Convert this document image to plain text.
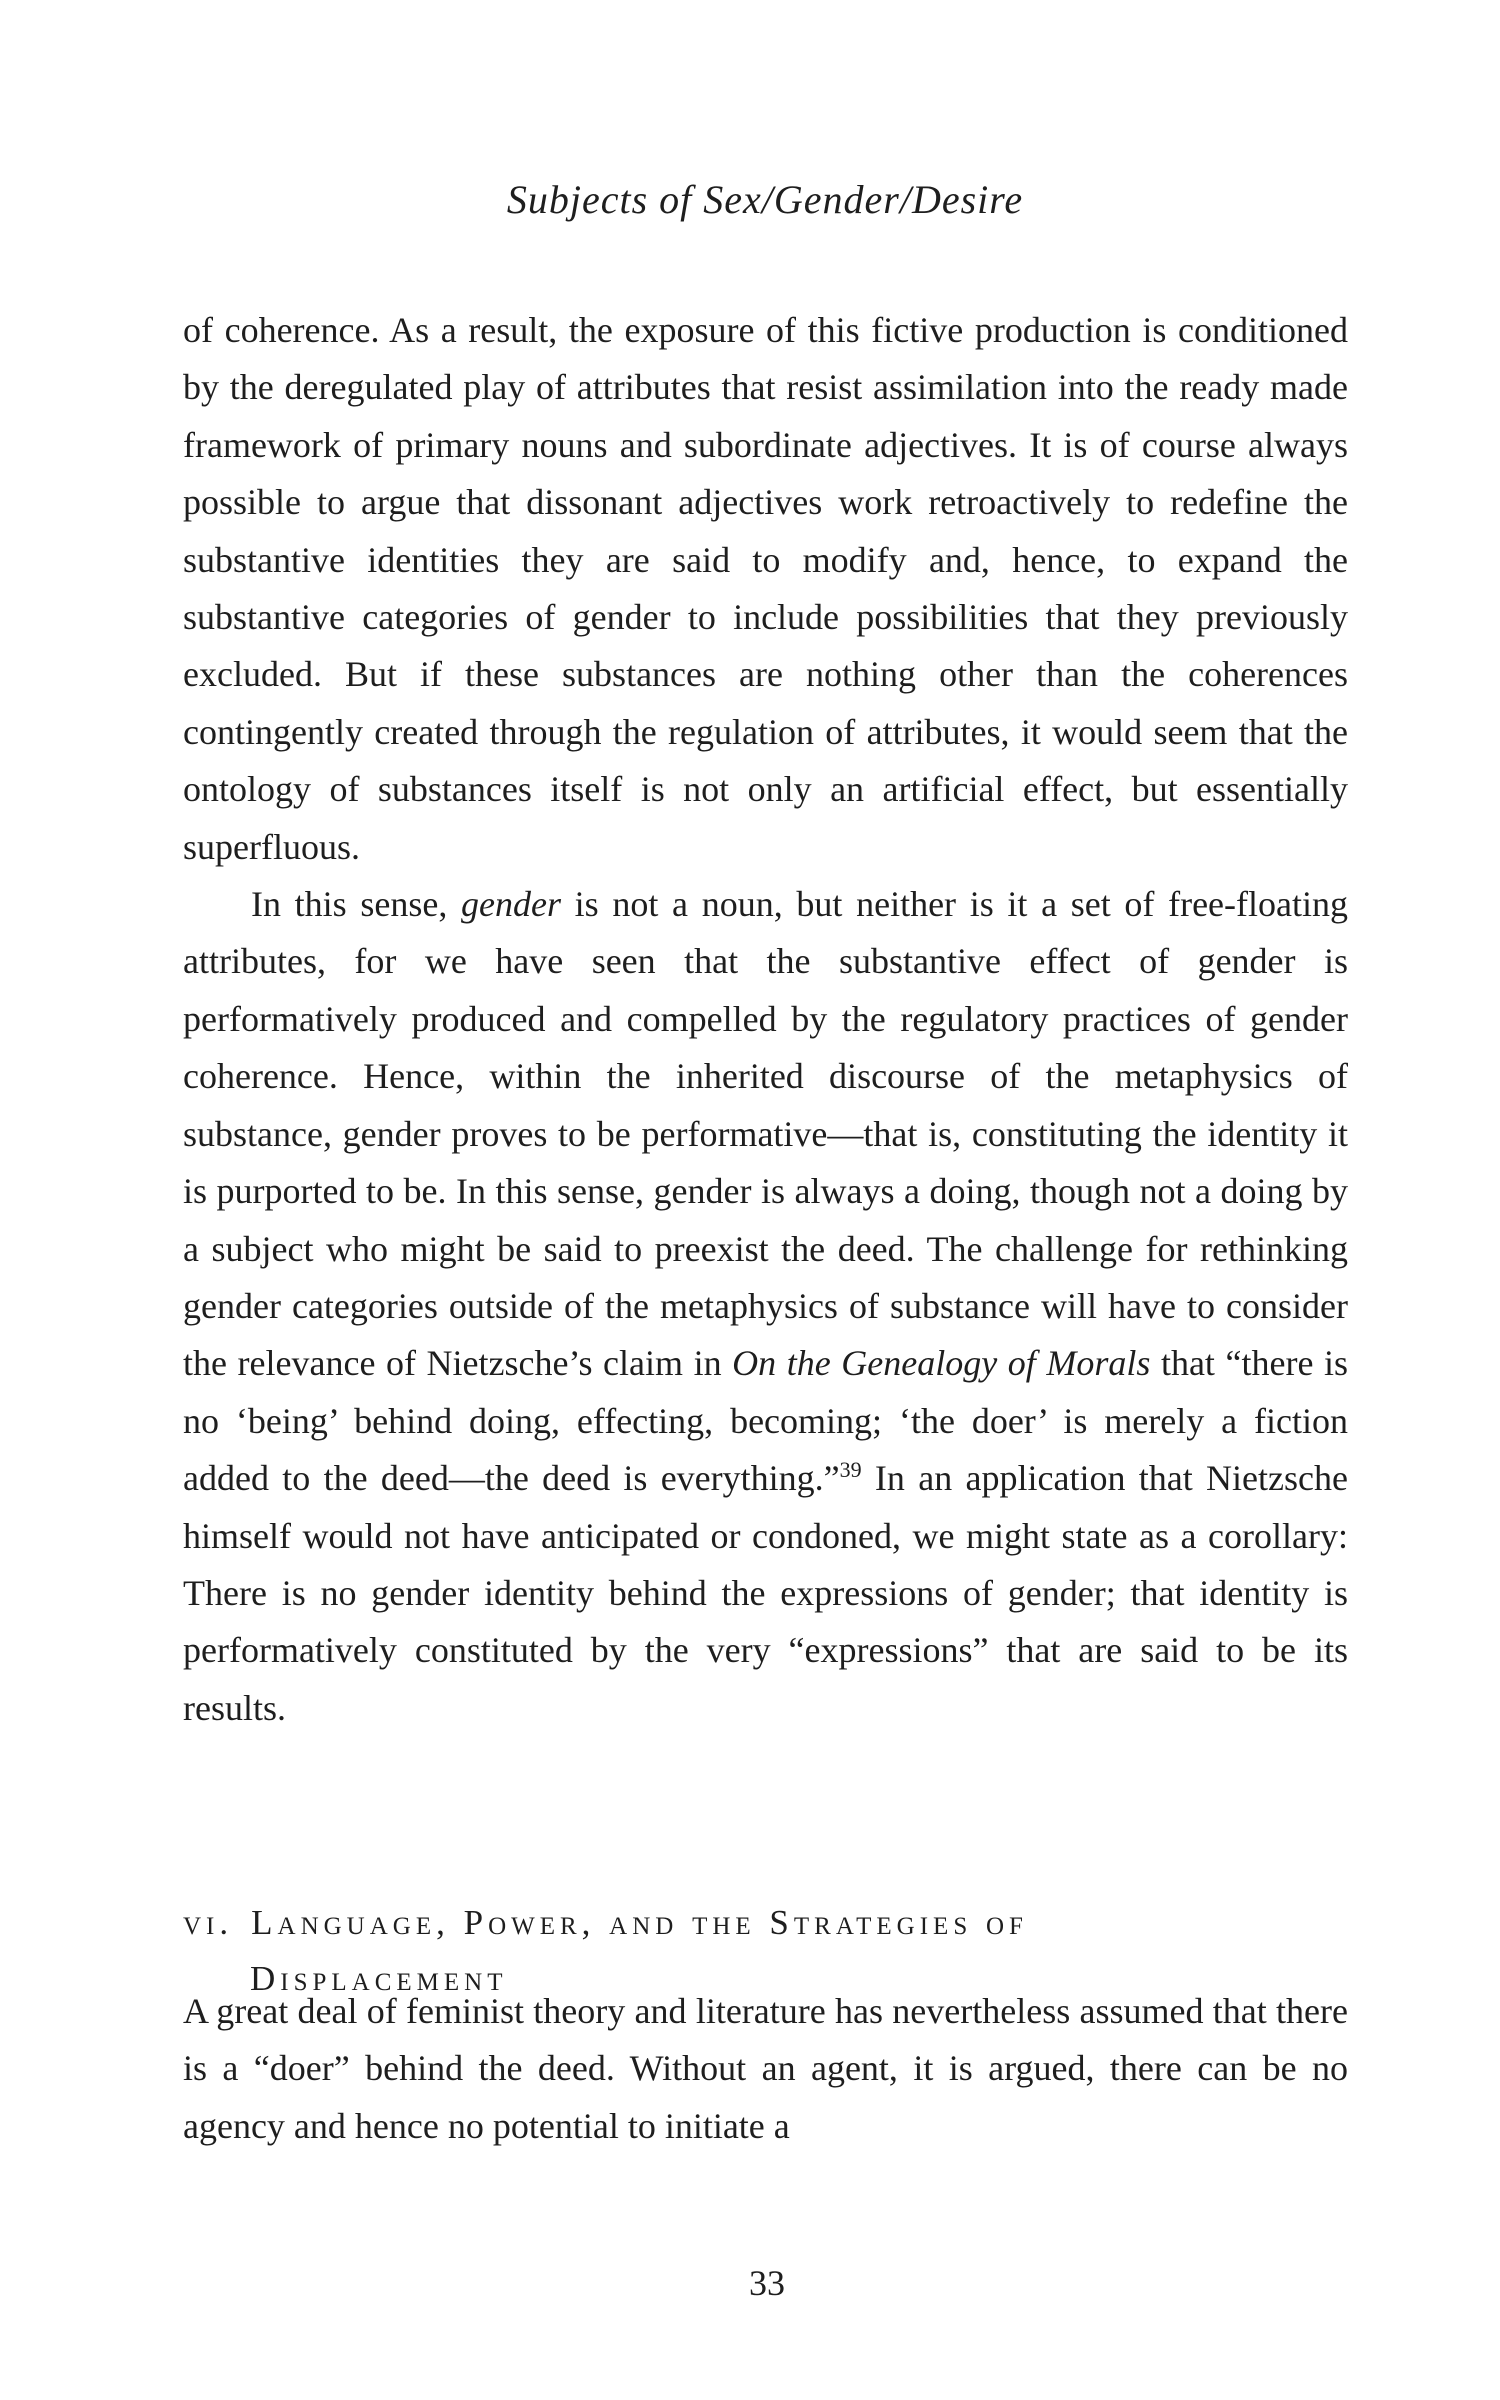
Subjects of Sex/Gender/Desire

of coherence. As a result, the exposure of this fictive production is conditioned by the deregulated play of attributes that resist assimilation into the ready made framework of primary nouns and subordinate adjectives. It is of course always possible to argue that dissonant adjectives work retroactively to redefine the substantive identities they are said to modify and, hence, to expand the substantive categories of gender to include possibilities that they previously excluded. But if these substances are nothing other than the coherences contingently created through the regulation of attributes, it would seem that the ontology of substances itself is not only an artificial effect, but essentially superfluous.

In this sense, gender is not a noun, but neither is it a set of free-floating attributes, for we have seen that the substantive effect of gender is performatively produced and compelled by the regulatory practices of gender coherence. Hence, within the inherited discourse of the metaphysics of substance, gender proves to be performative—that is, constituting the identity it is purported to be. In this sense, gender is always a doing, though not a doing by a subject who might be said to preexist the deed. The challenge for rethinking gender categories outside of the metaphysics of substance will have to consider the relevance of Nietzsche’s claim in On the Genealogy of Morals that “there is no ‘being’ behind doing, effecting, becoming; ‘the doer’ is merely a fiction added to the deed—the deed is everything.”$^{39}$ In an application that Nietzsche himself would not have anticipated or condoned, we might state as a corollary: There is no gender identity behind the expressions of gender; that identity is performatively constituted by the very “expressions” that are said to be its results.

vi. Language, Power, and the Strategies of
Displacement

A great deal of feminist theory and literature has nevertheless assumed that there is a “doer” behind the deed. Without an agent, it is argued, there can be no agency and hence no potential to initiate a

33
